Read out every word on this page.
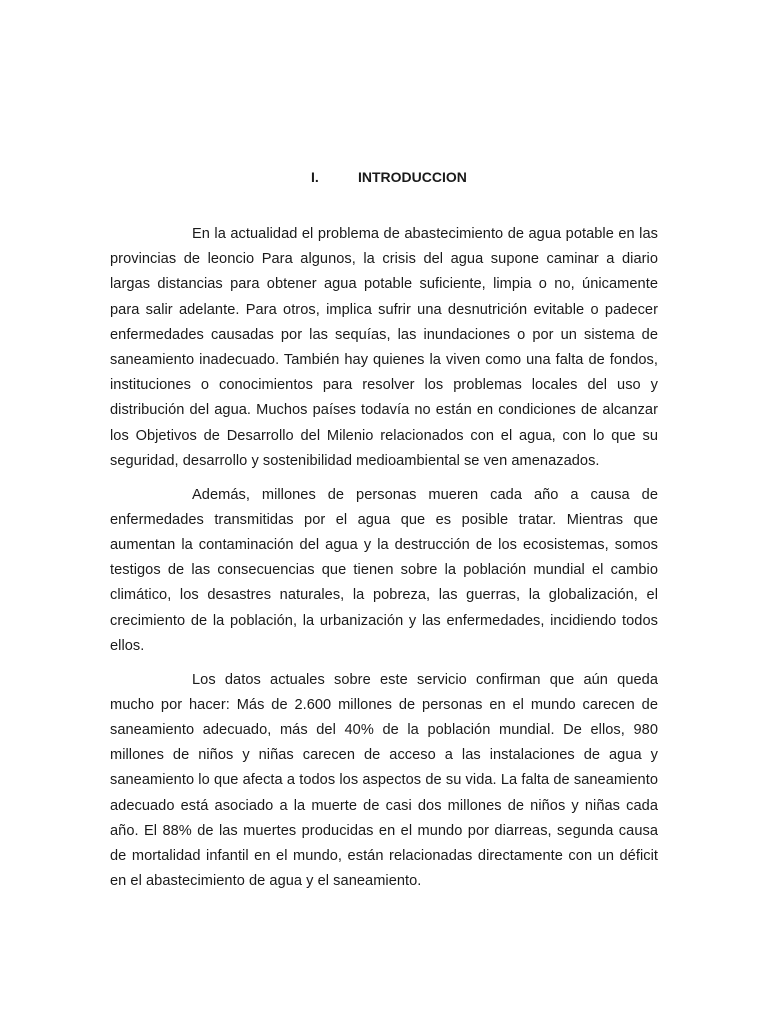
I.	INTRODUCCION

En la actualidad el problema de abastecimiento de agua potable en las provincias de leoncio Para algunos, la crisis del agua supone caminar a diario largas distancias para obtener agua potable suficiente, limpia o no, únicamente para salir adelante. Para otros, implica sufrir una desnutrición evitable o padecer enfermedades causadas por las sequías, las inundaciones o por un sistema de saneamiento inadecuado. También hay quienes la viven como una falta de fondos, instituciones o conocimientos para resolver los problemas locales del uso y distribución del agua. Muchos países todavía no están en condiciones de alcanzar los Objetivos de Desarrollo del Milenio relacionados con el agua, con lo que su seguridad, desarrollo y sostenibilidad medioambiental se ven amenazados.

Además, millones de personas mueren cada año a causa de enfermedades transmitidas por el agua que es posible tratar. Mientras que aumentan la contaminación del agua y la destrucción de los ecosistemas, somos testigos de las consecuencias que tienen sobre la población mundial el cambio climático, los desastres naturales, la pobreza, las guerras, la globalización, el crecimiento de la población, la urbanización y las enfermedades, incidiendo todos ellos.

Los datos actuales sobre este servicio confirman que aún queda mucho por hacer: Más de 2.600 millones de personas en el mundo carecen de saneamiento adecuado, más del 40% de la población mundial. De ellos, 980 millones de niños y niñas carecen de acceso a las instalaciones de agua y saneamiento lo que afecta a todos los aspectos de su vida. La falta de saneamiento adecuado está asociado a la muerte de casi dos millones de niños y niñas cada año. El 88% de las muertes producidas en el mundo por diarreas, segunda causa de mortalidad infantil en el mundo, están relacionadas directamente con un déficit en el abastecimiento de agua y el saneamiento.
